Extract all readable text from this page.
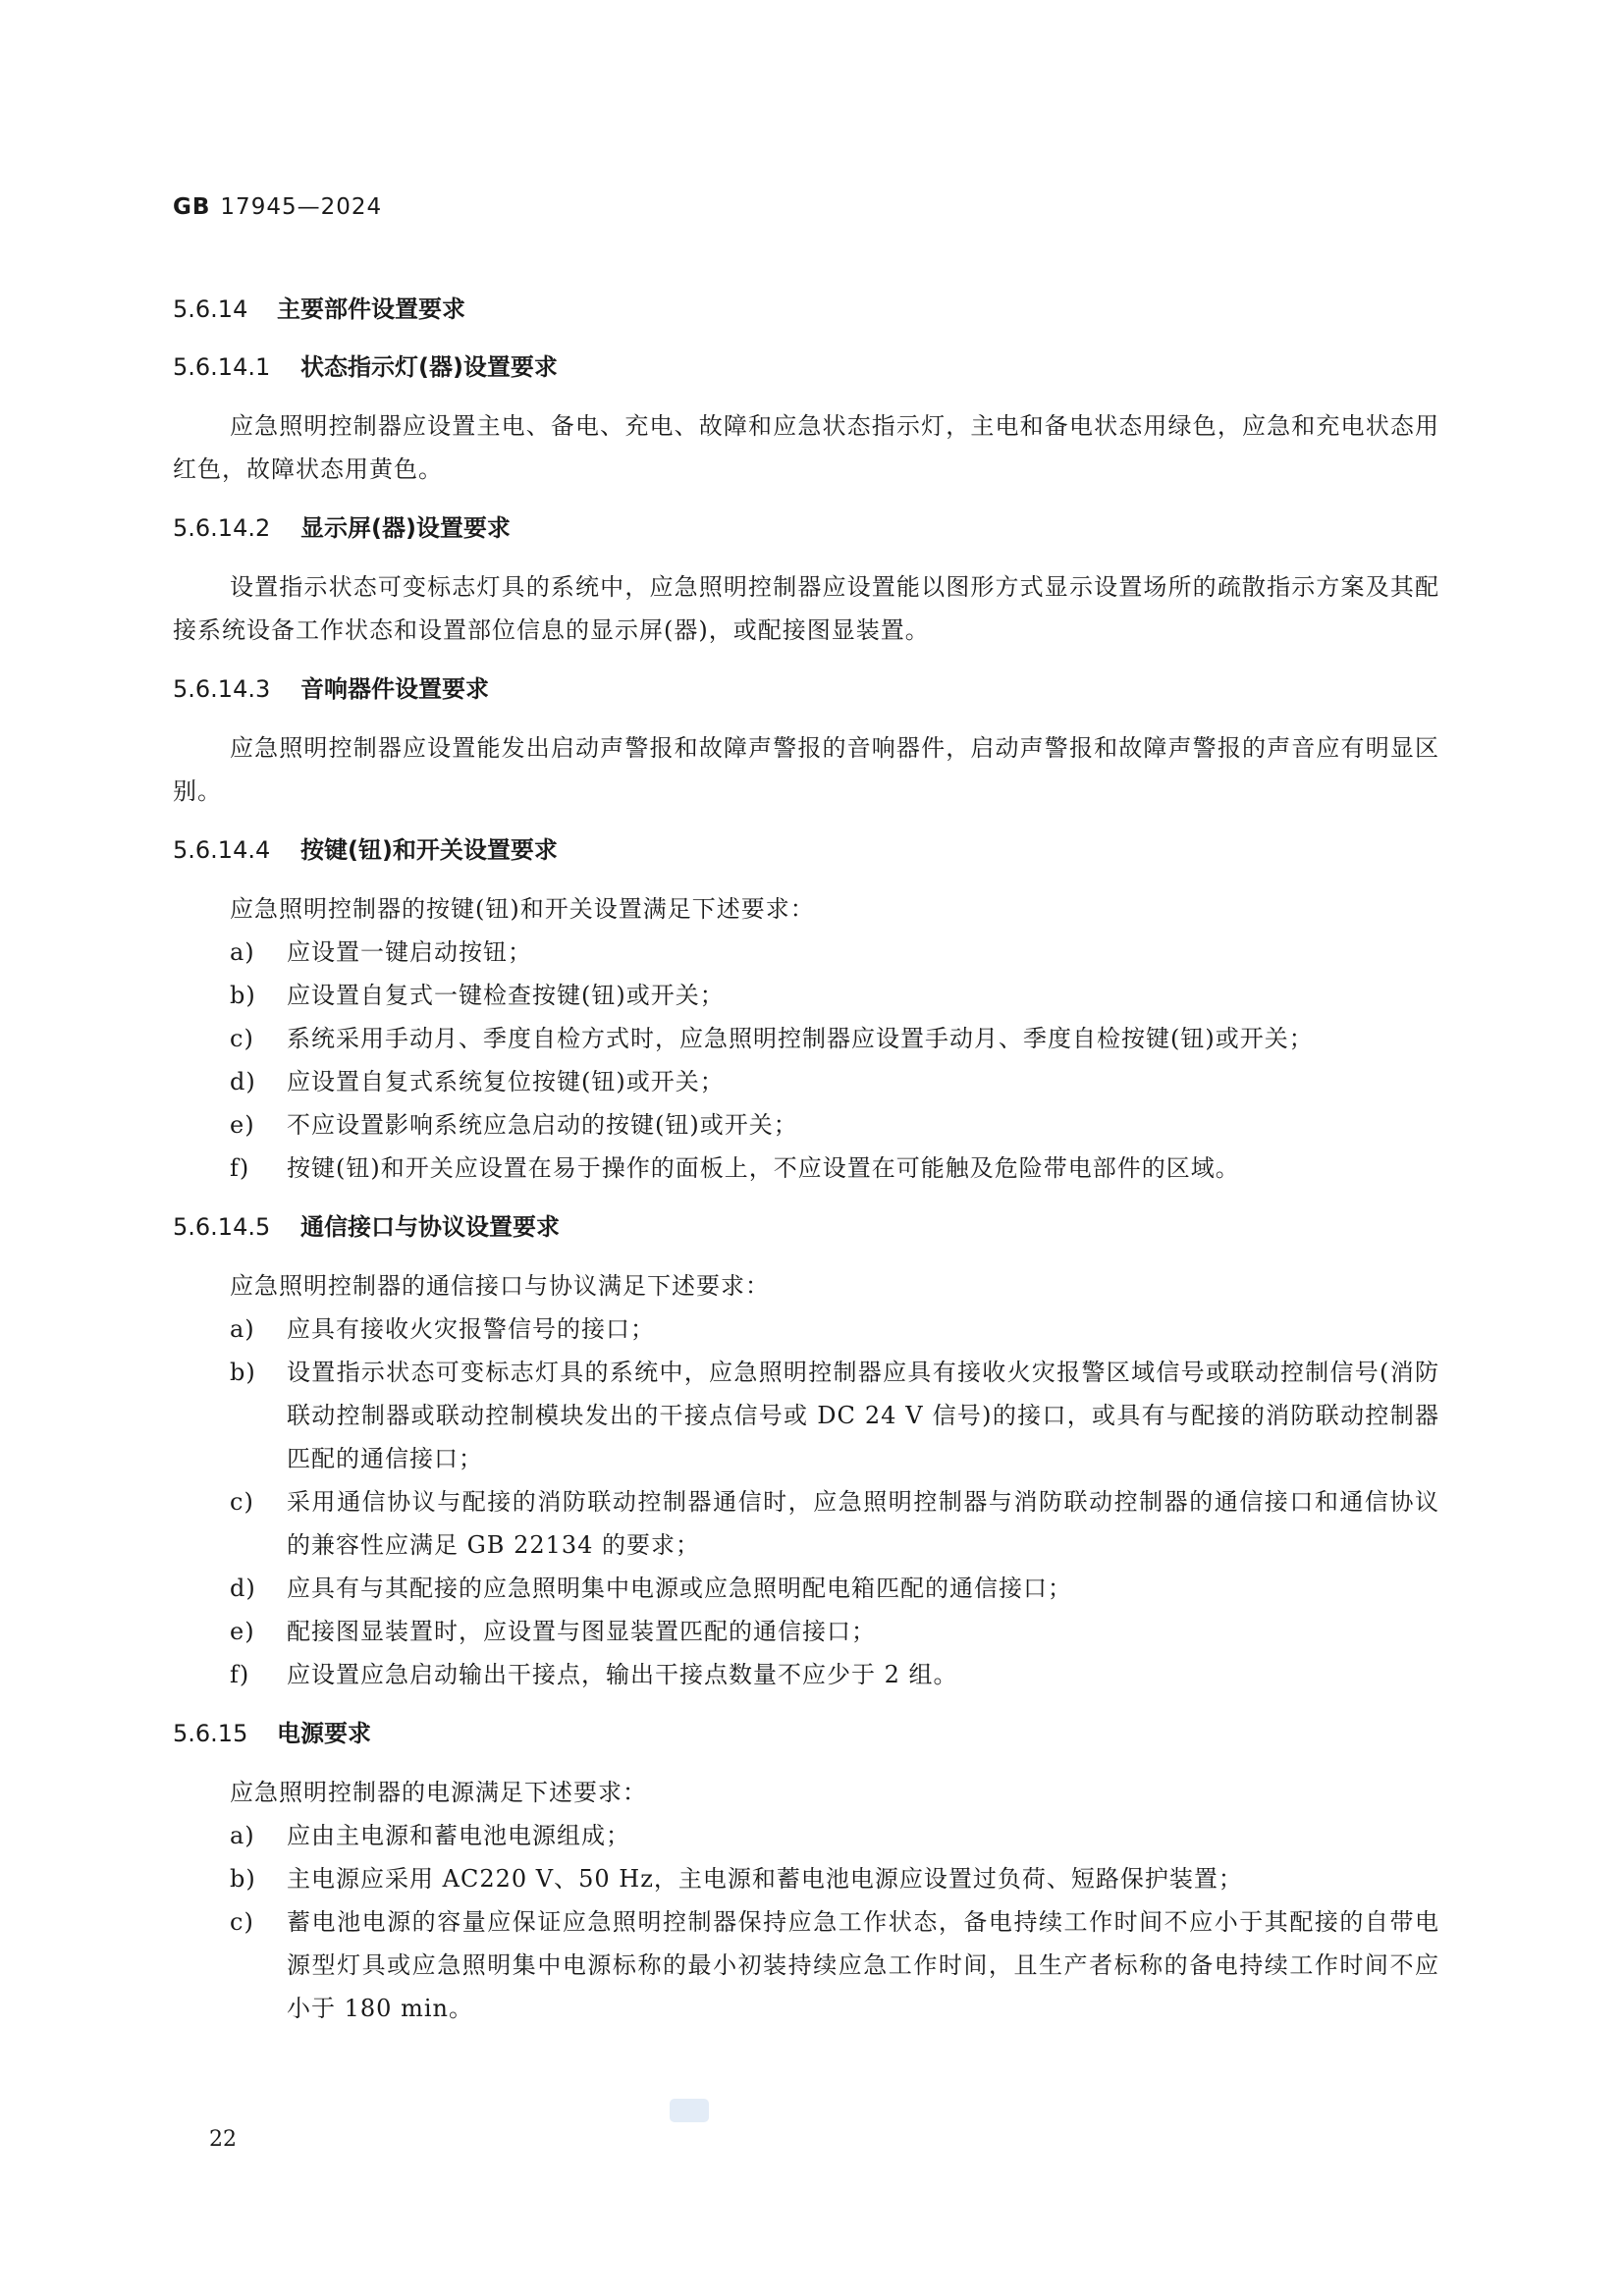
GB 17945—2024
5.6.14 主要部件设置要求
5.6.14.1 状态指示灯(器)设置要求

应急照明控制器应设置主电、备电、充电、故障和应急状态指示灯，主电和备电状态用绿色，应急和充电状态用红色，故障状态用黄色。

5.6.14.2 显示屏(器)设置要求

设置指示状态可变标志灯具的系统中，应急照明控制器应设置能以图形方式显示设置场所的疏散指示方案及其配接系统设备工作状态和设置部位信息的显示屏(器)，或配接图显装置。

5.6.14.3 音响器件设置要求

应急照明控制器应设置能发出启动声警报和故障声警报的音响器件，启动声警报和故障声警报的声音应有明显区别。

5.6.14.4 按键(钮)和开关设置要求

应急照明控制器的按键(钮)和开关设置满足下述要求：

a)	应设置一键启动按钮；
b)	应设置自复式一键检查按键(钮)或开关；
c)	系统采用手动月、季度自检方式时，应急照明控制器应设置手动月、季度自检按键(钮)或开关；
d)	应设置自复式系统复位按键(钮)或开关；
e)	不应设置影响系统应急启动的按键(钮)或开关；
f)	按键(钮)和开关应设置在易于操作的面板上，不应设置在可能触及危险带电部件的区域。
5.6.14.5 通信接口与协议设置要求

应急照明控制器的通信接口与协议满足下述要求：

a)	应具有接收火灾报警信号的接口；
b)	设置指示状态可变标志灯具的系统中，应急照明控制器应具有接收火灾报警区域信号或联动控制信号(消防联动控制器或联动控制模块发出的干接点信号或 DC 24 V 信号)的接口，或具有与配接的消防联动控制器匹配的通信接口；
c)	采用通信协议与配接的消防联动控制器通信时，应急照明控制器与消防联动控制器的通信接口和通信协议的兼容性应满足 GB 22134 的要求；
d)	应具有与其配接的应急照明集中电源或应急照明配电箱匹配的通信接口；
e)	配接图显装置时，应设置与图显装置匹配的通信接口；
f)	应设置应急启动输出干接点，输出干接点数量不应少于 2 组。
5.6.15 电源要求

应急照明控制器的电源满足下述要求：

a)	应由主电源和蓄电池电源组成；
b)	主电源应采用 AC220 V、50 Hz，主电源和蓄电池电源应设置过负荷、短路保护装置；
c)	蓄电池电源的容量应保证应急照明控制器保持应急工作状态，备电持续工作时间不应小于其配接的自带电源型灯具或应急照明集中电源标称的最小初装持续应急工作时间，且生产者标称的备电持续工作时间不应小于 180 min。
22
